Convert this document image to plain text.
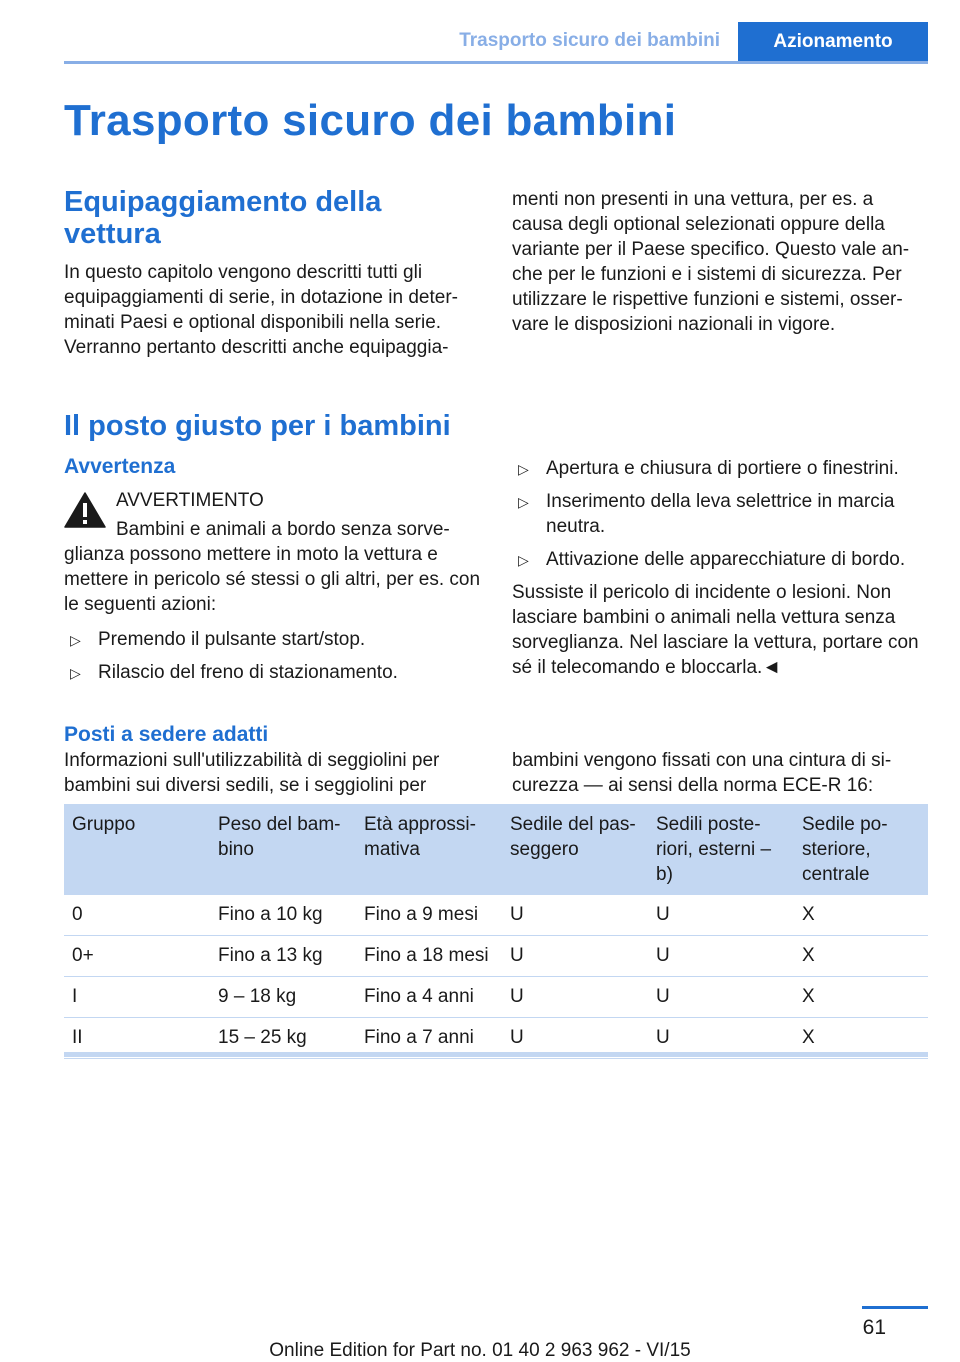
Trasporto sicuro dei bambini	Azionamento
Trasporto sicuro dei bambini
Equipaggiamento della vettura

In questo capitolo vengono descritti tutti gli equipaggiamenti di serie, in dotazione in deter-minati Paesi e optional disponibili nella serie. Verranno pertanto descritti anche equipaggia-

menti non presenti in una vettura, per es. a causa degli optional selezionati oppure della variante per il Paese specifico. Questo vale an-che per le funzioni e i sistemi di sicurezza. Per utilizzare le rispettive funzioni e sistemi, osser-vare le disposizioni nazionali in vigore.

Il posto giusto per i bambini
Avvertenza
AVVERTIMENTO
Bambini e animali a bordo senza sorve-

glianza possono mettere in moto la vettura e mettere in pericolo sé stessi o gli altri, per es. con le seguenti azioni:

▷ Premendo il pulsante start/stop.
▷ Rilascio del freno di stazionamento.
▷ Apertura e chiusura di portiere o finestrini.
▷ Inserimento della leva selettrice in marcia neutra.
▷ Attivazione delle apparecchiature di bordo.

Sussiste il pericolo di incidente o lesioni. Non lasciare bambini o animali nella vettura senza sorveglianza. Nel lasciare la vettura, portare con sé il telecomando e bloccarla.◄

Posti a sedere adatti

Informazioni sull'utilizzabilità di seggiolini per bambini sui diversi sedili, se i seggiolini per

bambini vengono fissati con una cintura di si-curezza — ai sensi della norma ECE-R 16:

Gruppo	Peso del bam-bino	Età approssi-mativa	Sedile del pas-seggero	Sedili poste-riori, esterni – b)	Sedile po-steriore, centrale
0	Fino a 10 kg	Fino a 9 mesi	U	U	X
0+	Fino a 13 kg	Fino a 18 mesi	U	U	X
I	9 – 18 kg	Fino a 4 anni	U	U	X
II	15 – 25 kg	Fino a 7 anni	U	U	X
61
Online Edition for Part no. 01 40 2 963 962 - VI/15
